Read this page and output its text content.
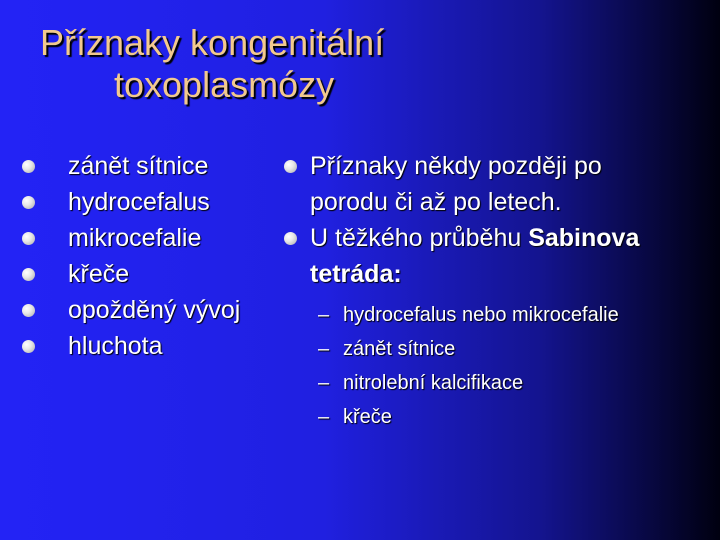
Příznaky kongenitální
toxoplasmózy
zánět sítnice
hydrocefalus
mikrocefalie
křeče
opožděný vývoj
hluchota
Příznaky někdy později po
porodu či až po letech.
U těžkého průběhu Sabinova
tetráda:
– hydrocefalus nebo mikrocefalie
– zánět sítnice
– nitrolební kalcifikace
– křeče
